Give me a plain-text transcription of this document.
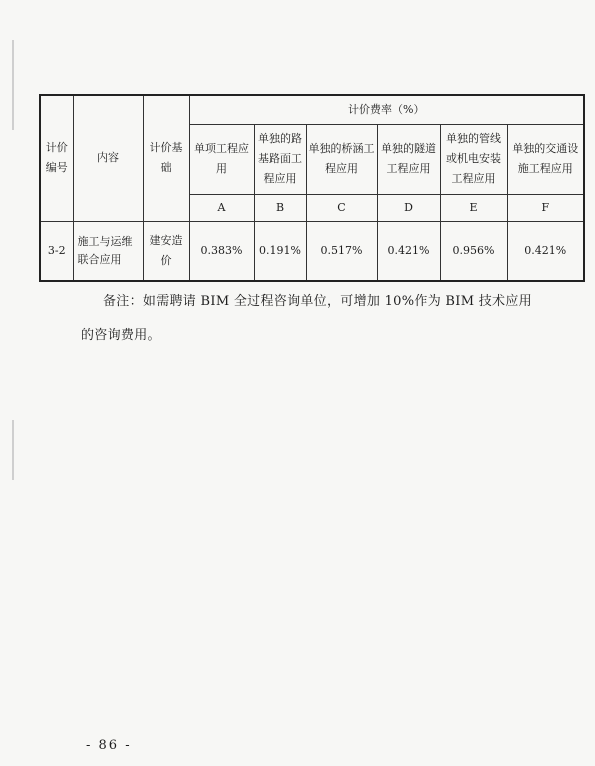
计价编号	内容	计价基础	计价费率（%）					
			单项工程应用	单独的路基路面工程应用	单独的桥涵工程应用	单独的隧道工程应用	单独的管线或机电安装工程应用	单独的交通设施工程应用
			A	B	C	D	E	F
3-2	施工与运维联合应用	建安造价	0.383%	0.191%	0.517%	0.421%	0.956%	0.421%
备注：如需聘请 BIM 全过程咨询单位，可增加 10%作为 BIM 技术应用
的咨询费用。
- 86 -
